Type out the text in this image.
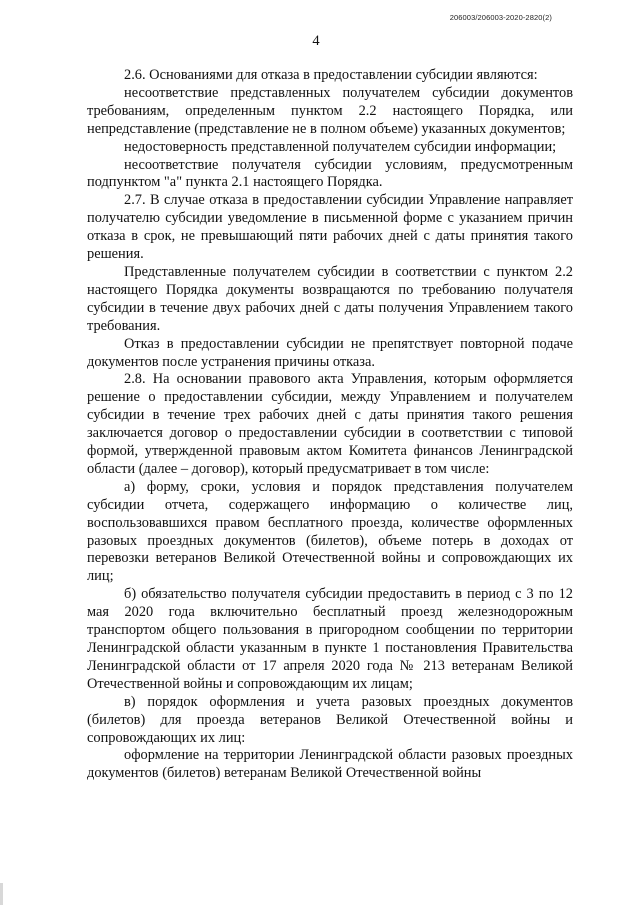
206003/206003-2020-2820(2)
4

2.6. Основаниями для отказа в предоставлении субсидии являются:

несоответствие представленных получателем субсидии документов требованиям, определенным пунктом 2.2 настоящего Порядка, или непредставление (представление не в полном объеме) указанных документов;

недостоверность представленной получателем субсидии информации;

несоответствие получателя субсидии условиям, предусмотренным подпунктом "а" пункта 2.1 настоящего Порядка.

2.7. В случае отказа в предоставлении субсидии Управление направляет получателю субсидии уведомление в письменной форме с указанием причин отказа в срок, не превышающий пяти рабочих дней с даты принятия такого решения.

Представленные получателем субсидии в соответствии с пунктом 2.2 настоящего Порядка документы возвращаются по требованию получателя субсидии в течение двух рабочих дней с даты получения Управлением такого требования.

Отказ в предоставлении субсидии не препятствует повторной подаче документов после устранения причины отказа.

2.8. На основании правового акта Управления, которым оформляется решение о предоставлении субсидии, между Управлением и получателем субсидии в течение трех рабочих дней с даты принятия такого решения заключается договор о предоставлении субсидии в соответствии с типовой формой, утвержденной правовым актом Комитета финансов Ленинградской области (далее – договор), который предусматривает в том числе:

а) форму, сроки, условия и порядок представления получателем субсидии отчета, содержащего информацию о количестве лиц, воспользовавшихся правом бесплатного проезда, количестве оформленных разовых проездных документов (билетов), объеме потерь в доходах от перевозки ветеранов Великой Отечественной войны и сопровождающих их лиц;

б) обязательство получателя субсидии предоставить в период с 3 по 12 мая 2020 года включительно бесплатный проезд железнодорожным транспортом общего пользования в пригородном сообщении по территории Ленинградской области указанным в пункте 1 постановления Правительства Ленинградской области от 17 апреля 2020 года № 213 ветеранам Великой Отечественной войны и сопровождающим их лицам;

в) порядок оформления и учета разовых проездных документов (билетов) для проезда ветеранов Великой Отечественной войны и сопровождающих их лиц:

оформление на территории Ленинградской области разовых проездных документов (билетов) ветеранам Великой Отечественной войны
